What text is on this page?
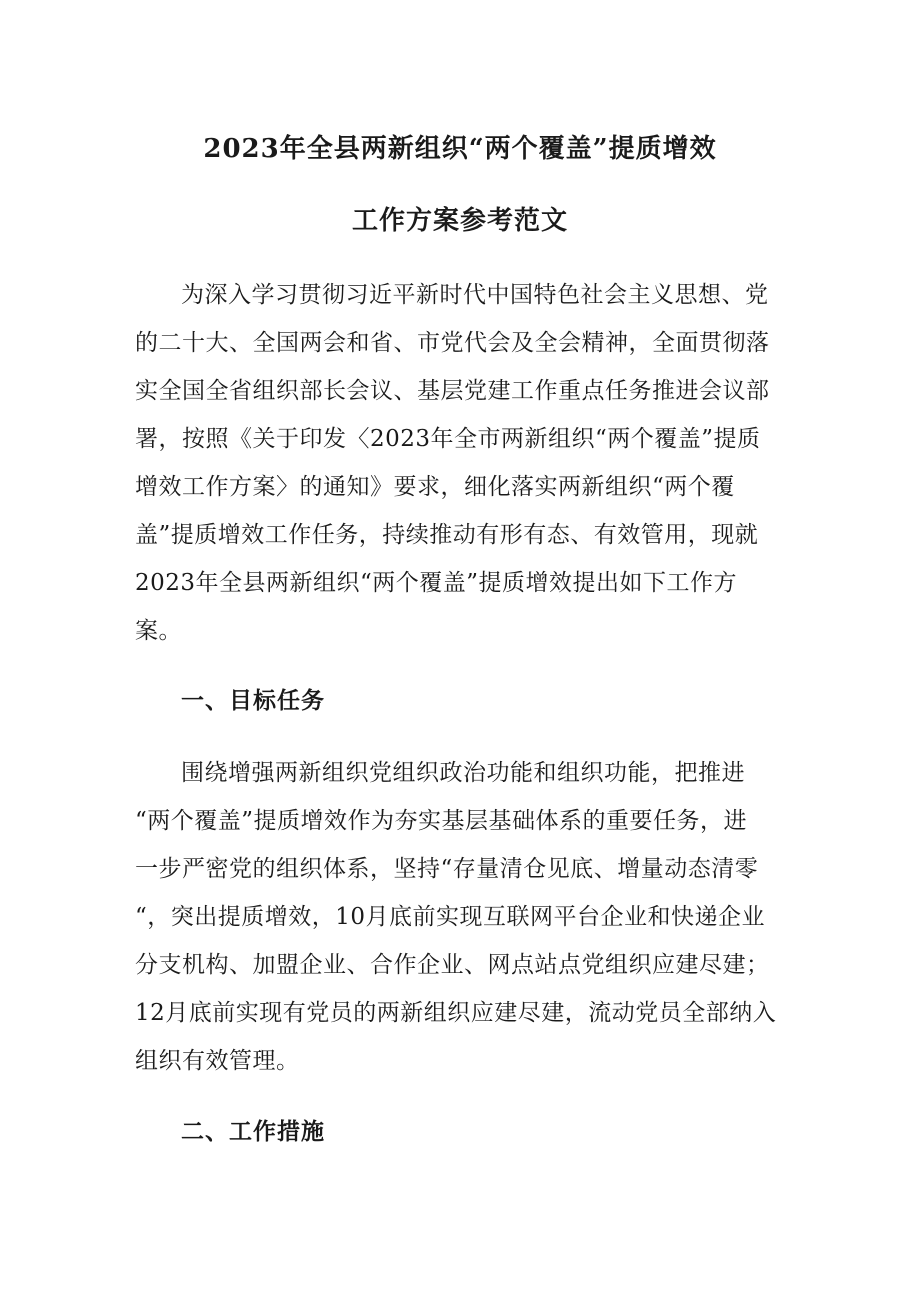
2023年全县两新组织“两个覆盖”提质增效
工作方案参考范文
为深入学习贯彻习近平新时代中国特色社会主义思想、党
的二十大、全国两会和省、市党代会及全会精神，全面贯彻落
实全国全省组织部长会议、基层党建工作重点任务推进会议部
署，按照《关于印发〈2023年全市两新组织“两个覆盖”提质
增效工作方案〉的通知》要求，细化落实两新组织“两个覆
盖”提质增效工作任务，持续推动有形有态、有效管用，现就
2023年全县两新组织“两个覆盖”提质增效提出如下工作方
案。
一、目标任务
围绕增强两新组织党组织政治功能和组织功能，把推进
“两个覆盖”提质增效作为夯实基层基础体系的重要任务，进
一步严密党的组织体系，坚持“存量清仓见底、增量动态清零
“，突出提质增效，10月底前实现互联网平台企业和快递企业
分支机构、加盟企业、合作企业、网点站点党组织应建尽建；
12月底前实现有党员的两新组织应建尽建，流动党员全部纳入
组织有效管理。
二、工作措施
